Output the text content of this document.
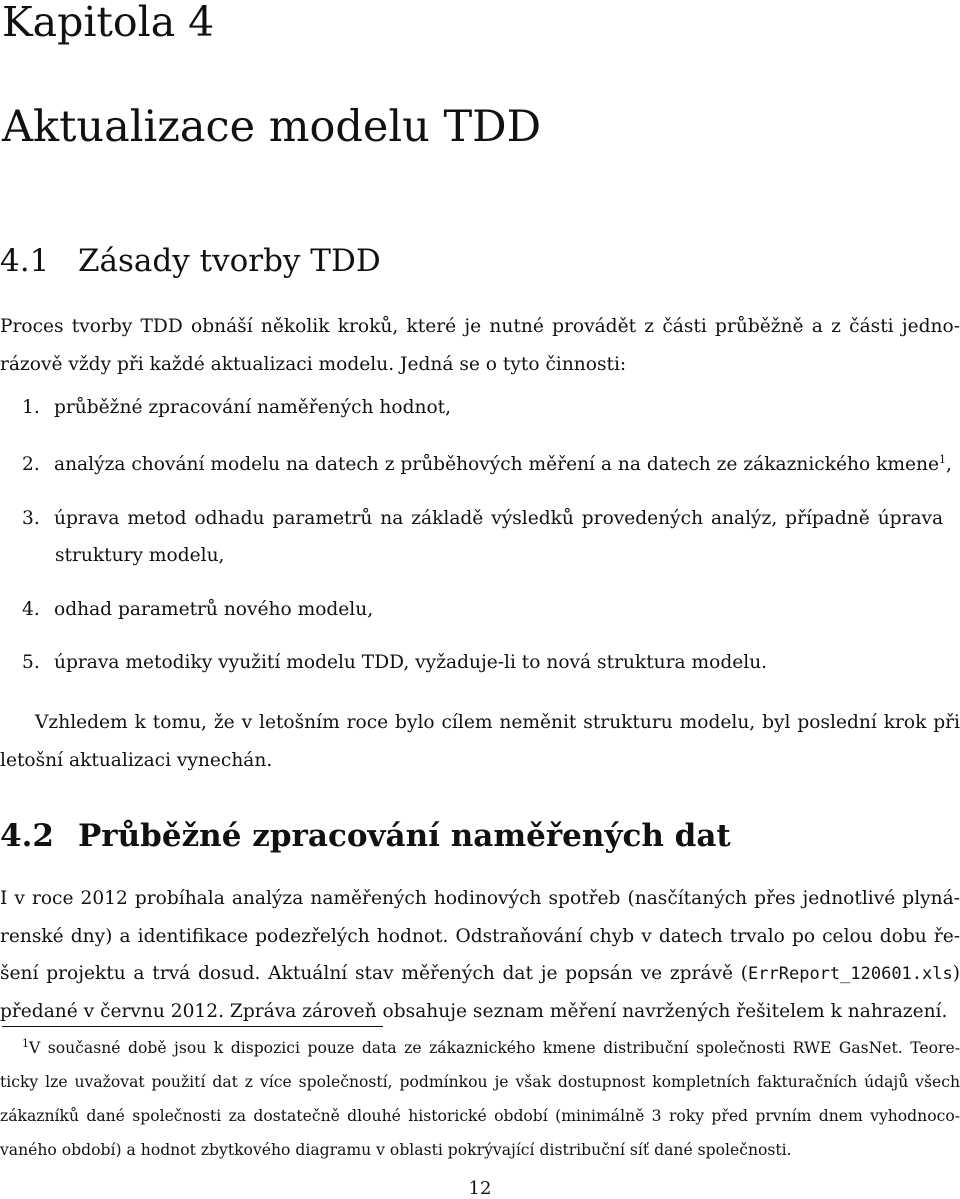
Kapitola 4
Aktualizace modelu TDD
4.1 Zásady tvorby TDD
Proces tvorby TDD obnáší několik kroků, které je nutné provádět z části průběžně a z části jedno-
rázově vždy při každé aktualizaci modelu. Jedná se o tyto činnosti:
1. průběžné zpracování naměřených hodnot,
2. analýza chování modelu na datech z průběhových měření a na datech ze zákaznického kmene$^1$,
3. úprava metod odhadu parametrů na základě výsledků provedených analýz, případně úprava
struktury modelu,
4. odhad parametrů nového modelu,
5. úprava metodiky využití modelu TDD, vyžaduje-li to nová struktura modelu.
Vzhledem k tomu, že v letošním roce bylo cílem neměnit strukturu modelu, byl poslední krok při
letošní aktualizaci vynechán.
4.2 Průběžné zpracování naměřených dat
I v roce 2012 probíhala analýza naměřených hodinových spotřeb (nasčítaných přes jednotlivé plyná-
renské dny) a identifikace podezřelých hodnot. Odstraňování chyb v datech trvalo po celou dobu ře-
šení projektu a trvá dosud. Aktuální stav měřených dat je popsán ve zprávě (ErrReport_120601.xls)
předané v červnu 2012. Zpráva zároveň obsahuje seznam měření navržených řešitelem k nahrazení.
$^1$V současné době jsou k dispozici pouze data ze zákaznického kmene distribuční společnosti RWE GasNet. Teore-
ticky lze uvažovat použití dat z více společností, podmínkou je však dostupnost kompletních fakturačních údajů všech
zákazníků dané společnosti za dostatečně dlouhé historické období (minimálně 3 roky před prvním dnem vyhodnoco-
vaného období) a hodnot zbytkového diagramu v oblasti pokrývající distribuční síť dané společnosti.
12
